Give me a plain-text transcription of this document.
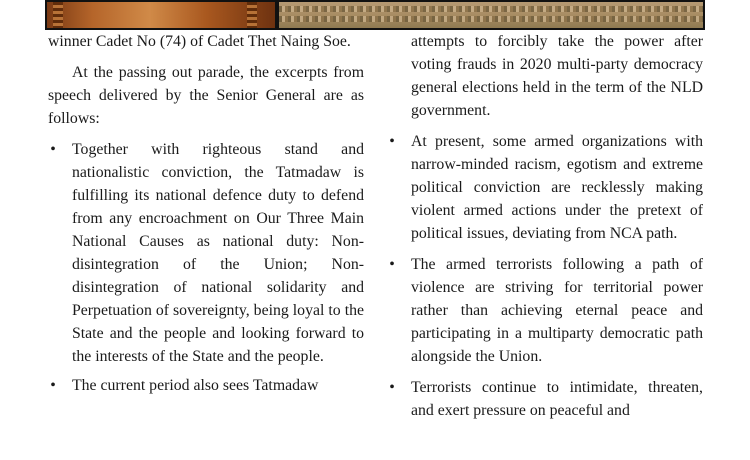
winner Cadet No (74) of Cadet Thet Naing Soe.

At the passing out parade, the excerpts from speech delivered by the Senior General are as follows:

• Together with righteous stand and nationalistic conviction, the Tatmadaw is fulfilling its national defence duty to defend from any encroachment on Our Three Main National Causes as national duty: Non-disintegration of the Union; Non-disintegration of national solidarity and Perpetuation of sovereignty, being loyal to the State and the people and looking forward to the interests of the State and the people.
• The current period also sees Tatmadaw
attempts to forcibly take the power after voting frauds in 2020 multi-party democracy general elections held in the term of the NLD government.
• At present, some armed organizations with narrow-minded racism, egotism and extreme political conviction are recklessly making violent armed actions under the pretext of political issues, deviating from NCA path.
• The armed terrorists following a path of violence are striving for territorial power rather than achieving eternal peace and participating in a multiparty democratic path alongside the Union.
• Terrorists continue to intimidate, threaten, and exert pressure on peaceful and
